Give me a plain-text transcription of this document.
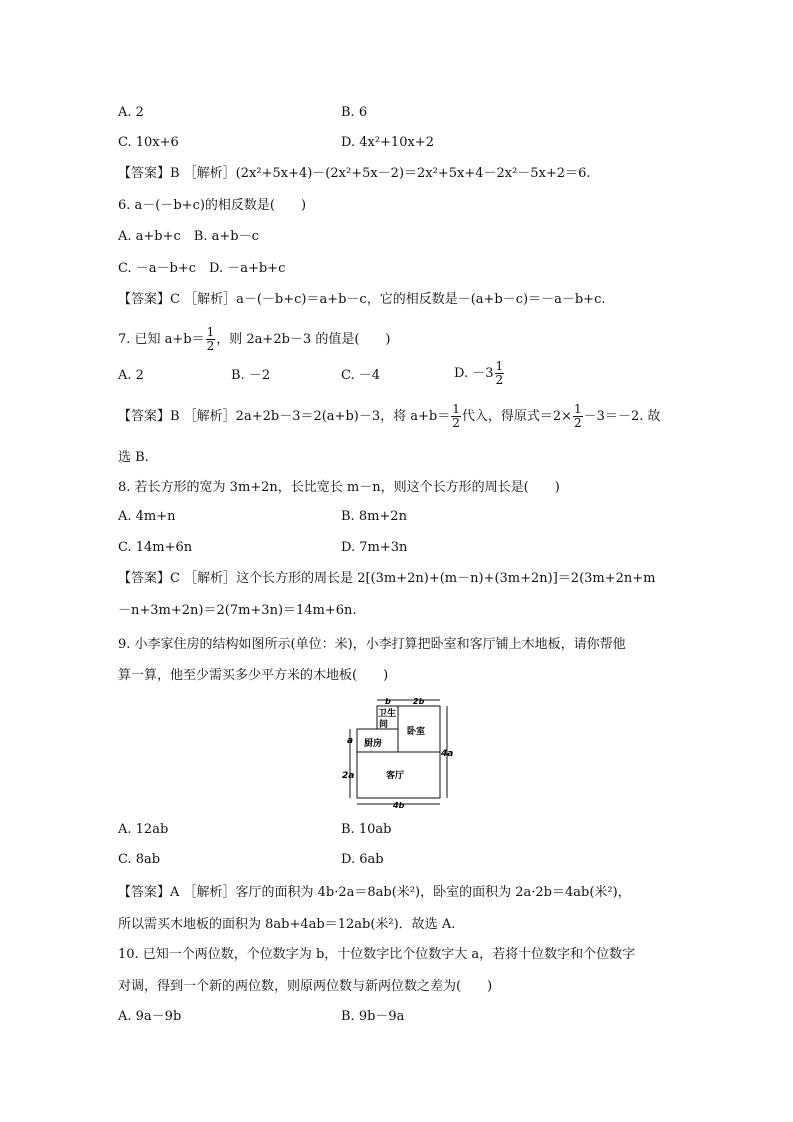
A. 2	B. 6
C. 10x+6	D. 4x²+10x+2
【答案】B ［解析］(2x²+5x+4)－(2x²+5x－2)＝2x²+5x+4－2x²－5x+2＝6.
6. a－(－b+c)的相反数是(　　)
A. a+b+c　B. a+b－c
C. －a－b+c　D. －a+b+c
【答案】C ［解析］a－(－b+c)＝a+b－c，它的相反数是－(a+b－c)＝－a－b+c.
7. 已知 $a+b= \frac{1}{2}$ ，则 2a+2b－3 的值是(　　)
A. 2	B. －2	C. －4	D. $-3 \frac{1}{2}$
【答案】B ［解析］2a+2b－3＝2(a+b)－3，将 $a+b= \frac{1}{2}$ 代入，得原式$=2\times \frac{1}{2} -3=-2$. 故
选 B.
8. 若长方形的宽为 3m+2n，长比宽长 m－n，则这个长方形的周长是(　　)
A. 4m+n	B. 8m+2n
C. 14m+6n	D. 7m+3n
【答案】C ［解析］这个长方形的周长是 2[(3m+2n)+(m－n)+(3m+2n)]＝2(3m+2n+m
－n+3m+2n)＝2(7m+3n)＝14m+6n.
9. 小李家住房的结构如图所示(单位：米)，小李打算把卧室和客厅铺上木地板，请你帮他
算一算，他至少需买多少平方米的木地板(　　)
b	2b
卫生
间
卧室
厨房
客厅
a
2a
4a
4b
A. 12ab	B. 10ab
C. 8ab	D. 6ab
【答案】A ［解析］客厅的面积为 4b·2a＝8ab(米²)，卧室的面积为 2a·2b＝4ab(米²)，
所以需买木地板的面积为 8ab+4ab＝12ab(米²)．故选 A.
10. 已知一个两位数，个位数字为 b，十位数字比个位数字大 a，若将十位数字和个位数字
对调，得到一个新的两位数，则原两位数与新两位数之差为(　　)
A. 9a－9b	B. 9b－9a
